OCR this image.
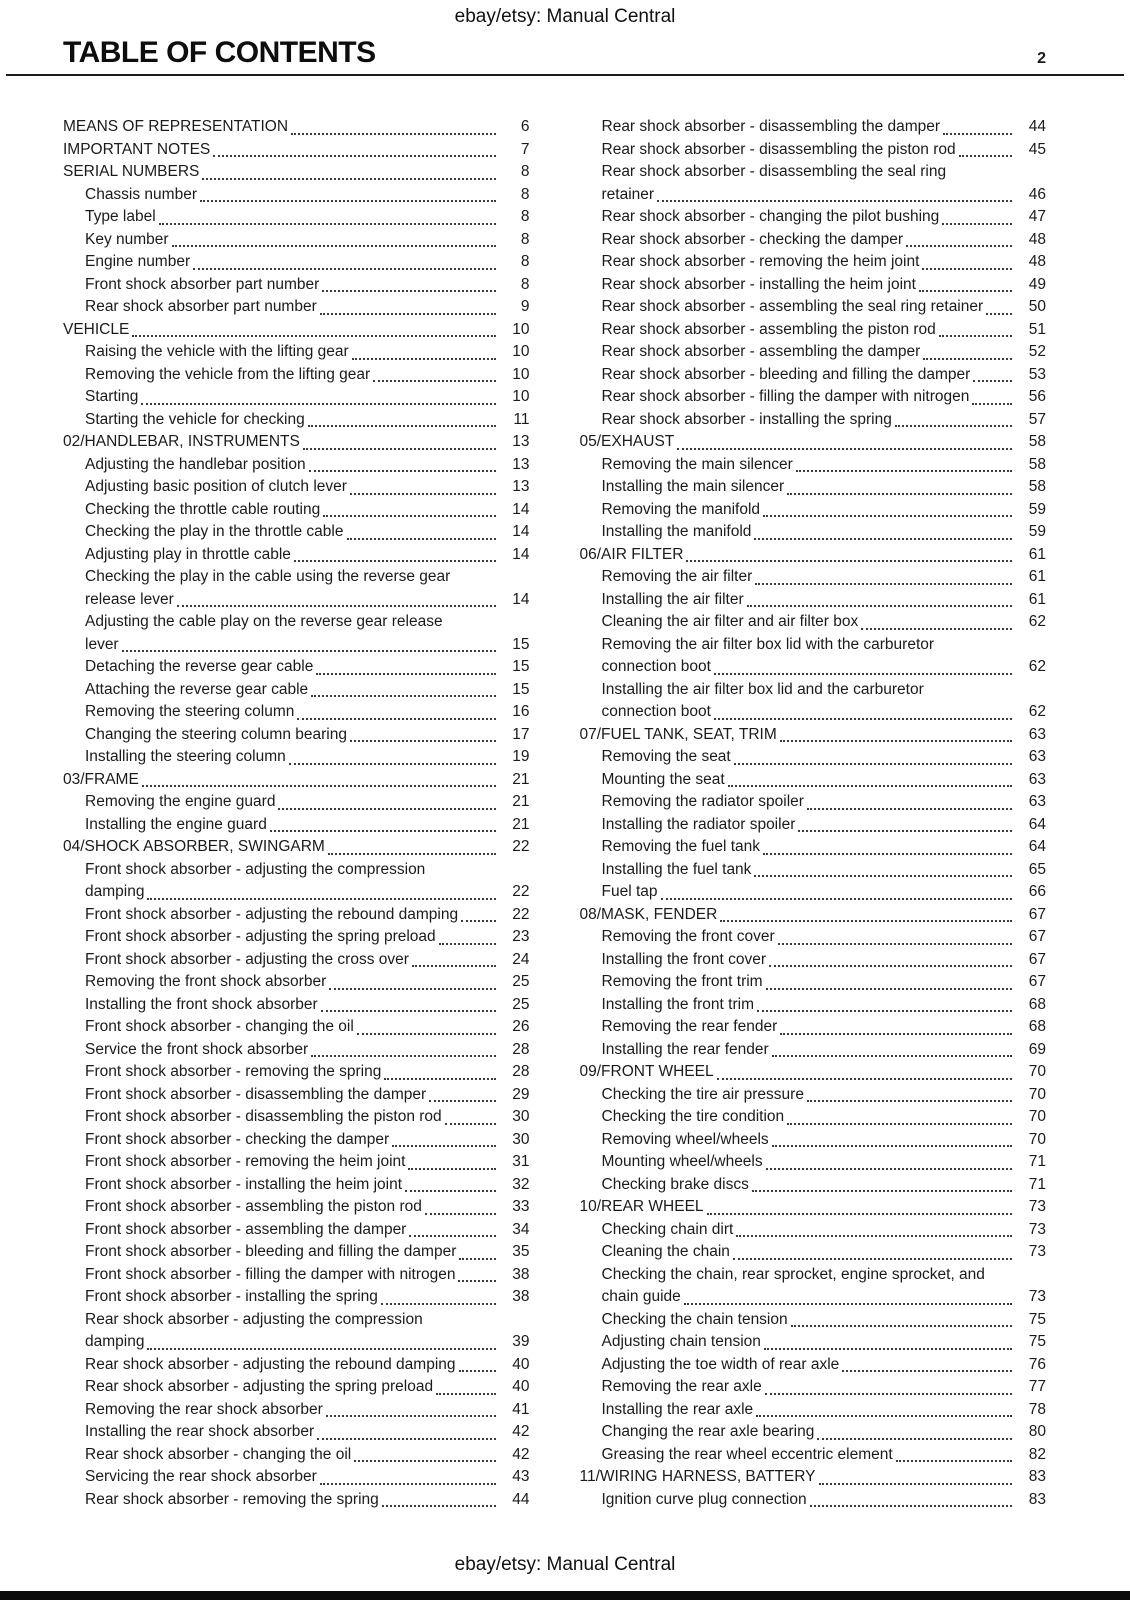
ebay/etsy: Manual Central
TABLE OF CONTENTS	2
MEANS OF REPRESENTATION	6
IMPORTANT NOTES	7
SERIAL NUMBERS	8
Chassis number	8
Type label	8
Key number	8
Engine number	8
Front shock absorber part number	8
Rear shock absorber part number	9
VEHICLE	10
Raising the vehicle with the lifting gear	10
Removing the vehicle from the lifting gear	10
Starting	10
Starting the vehicle for checking	11
02/HANDLEBAR, INSTRUMENTS	13
Adjusting the handlebar position	13
Adjusting basic position of clutch lever	13
Checking the throttle cable routing	14
Checking the play in the throttle cable	14
Adjusting play in throttle cable	14
Checking the play in the cable using the reverse gear
release lever	14
Adjusting the cable play on the reverse gear release
lever	15
Detaching the reverse gear cable	15
Attaching the reverse gear cable	15
Removing the steering column	16
Changing the steering column bearing	17
Installing the steering column	19
03/FRAME	21
Removing the engine guard	21
Installing the engine guard	21
04/SHOCK ABSORBER, SWINGARM	22
Front shock absorber - adjusting the compression
damping	22
Front shock absorber - adjusting the rebound damping	22
Front shock absorber - adjusting the spring preload	23
Front shock absorber - adjusting the cross over	24
Removing the front shock absorber	25
Installing the front shock absorber	25
Front shock absorber - changing the oil	26
Service the front shock absorber	28
Front shock absorber - removing the spring	28
Front shock absorber - disassembling the damper	29
Front shock absorber - disassembling the piston rod	30
Front shock absorber - checking the damper	30
Front shock absorber - removing the heim joint	31
Front shock absorber - installing the heim joint	32
Front shock absorber - assembling the piston rod	33
Front shock absorber - assembling the damper	34
Front shock absorber - bleeding and filling the damper	35
Front shock absorber - filling the damper with nitrogen	38
Front shock absorber - installing the spring	38
Rear shock absorber - adjusting the compression
damping	39
Rear shock absorber - adjusting the rebound damping	40
Rear shock absorber - adjusting the spring preload	40
Removing the rear shock absorber	41
Installing the rear shock absorber	42
Rear shock absorber - changing the oil	42
Servicing the rear shock absorber	43
Rear shock absorber - removing the spring	44
Rear shock absorber - disassembling the damper	44
Rear shock absorber - disassembling the piston rod	45
Rear shock absorber - disassembling the seal ring
retainer	46
Rear shock absorber - changing the pilot bushing	47
Rear shock absorber - checking the damper	48
Rear shock absorber - removing the heim joint	48
Rear shock absorber - installing the heim joint	49
Rear shock absorber - assembling the seal ring retainer	50
Rear shock absorber - assembling the piston rod	51
Rear shock absorber - assembling the damper	52
Rear shock absorber - bleeding and filling the damper	53
Rear shock absorber - filling the damper with nitrogen	56
Rear shock absorber - installing the spring	57
05/EXHAUST	58
Removing the main silencer	58
Installing the main silencer	58
Removing the manifold	59
Installing the manifold	59
06/AIR FILTER	61
Removing the air filter	61
Installing the air filter	61
Cleaning the air filter and air filter box	62
Removing the air filter box lid with the carburetor
connection boot	62
Installing the air filter box lid and the carburetor
connection boot	62
07/FUEL TANK, SEAT, TRIM	63
Removing the seat	63
Mounting the seat	63
Removing the radiator spoiler	63
Installing the radiator spoiler	64
Removing the fuel tank	64
Installing the fuel tank	65
Fuel tap	66
08/MASK, FENDER	67
Removing the front cover	67
Installing the front cover	67
Removing the front trim	67
Installing the front trim	68
Removing the rear fender	68
Installing the rear fender	69
09/FRONT WHEEL	70
Checking the tire air pressure	70
Checking the tire condition	70
Removing wheel/wheels	70
Mounting wheel/wheels	71
Checking brake discs	71
10/REAR WHEEL	73
Checking chain dirt	73
Cleaning the chain	73
Checking the chain, rear sprocket, engine sprocket, and
chain guide	73
Checking the chain tension	75
Adjusting chain tension	75
Adjusting the toe width of rear axle	76
Removing the rear axle	77
Installing the rear axle	78
Changing the rear axle bearing	80
Greasing the rear wheel eccentric element	82
11/WIRING HARNESS, BATTERY	83
Ignition curve plug connection	83
ebay/etsy: Manual Central
